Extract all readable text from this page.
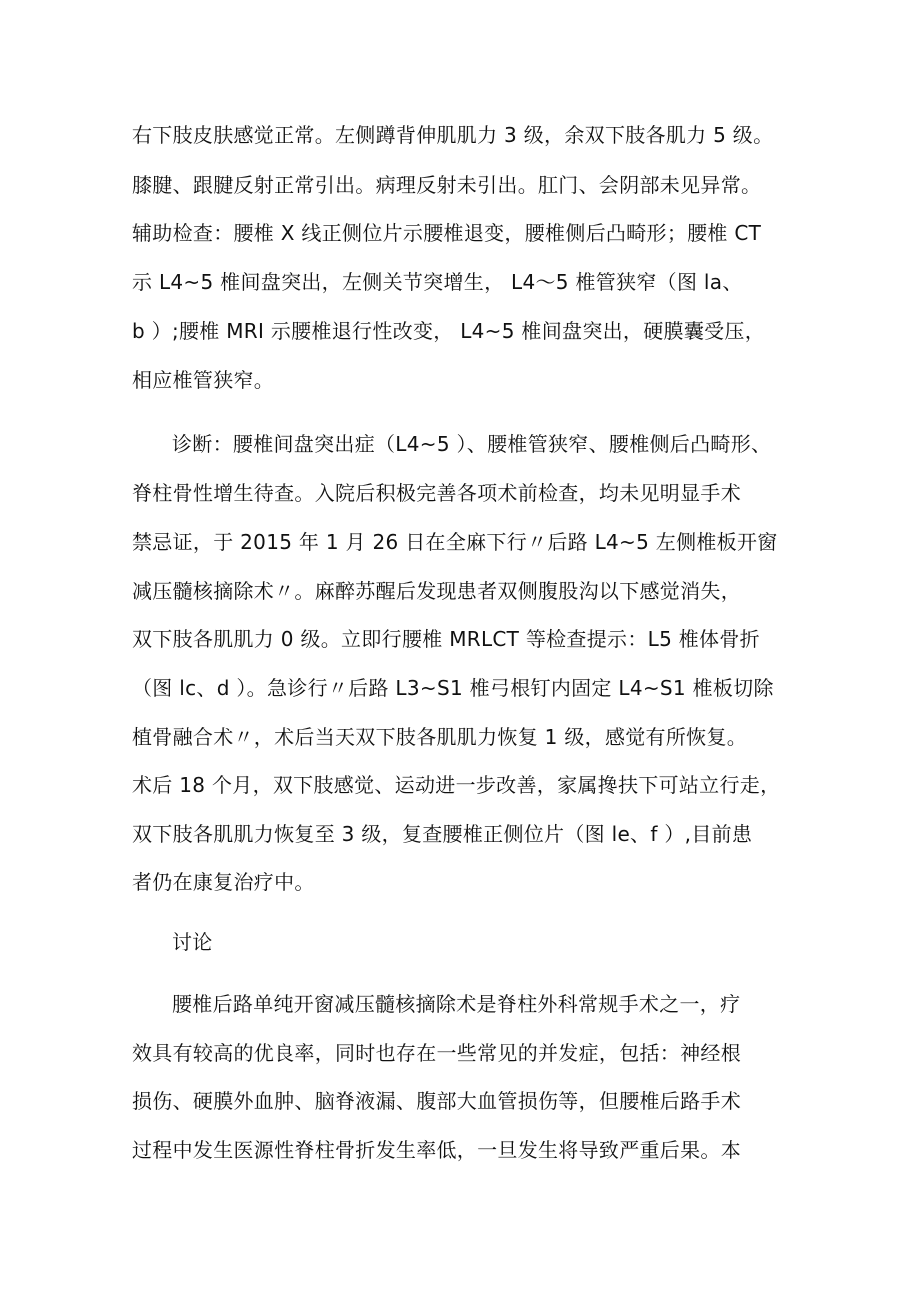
右下肢皮肤感觉正常。左侧蹲背伸肌肌力 3 级，余双下肢各肌力 5 级。
膝腱、跟腱反射正常引出。病理反射未引出。肛门、会阴部未见异常。
辅助检查：腰椎 X 线正侧位片示腰椎退变，腰椎侧后凸畸形；腰椎 CT
示 L4~5 椎间盘突出，左侧关节突增生， L4～5 椎管狭窄（图 la、
b ）;腰椎 MRI 示腰椎退行性改变， L4~5 椎间盘突出，硬膜囊受压，
相应椎管狭窄。
诊断：腰椎间盘突出症（L4~5 ）、腰椎管狭窄、腰椎侧后凸畸形、
脊柱骨性增生待查。入院后积极完善各项术前检查，均未见明显手术
禁忌证，于 2015 年 1 月 26 日在全麻下行〃后路 L4~5 左侧椎板开窗
减压髓核摘除术〃。麻醉苏醒后发现患者双侧腹股沟以下感觉消失，
双下肢各肌肌力 0 级。立即行腰椎 MRLCT 等检查提示：L5 椎体骨折
（图 lc、d ）。急诊行〃后路 L3~S1 椎弓根钉内固定 L4~S1 椎板切除
植骨融合术〃，术后当天双下肢各肌肌力恢复 1 级，感觉有所恢复。
术后 18 个月，双下肢感觉、运动进一步改善，家属搀扶下可站立行走，
双下肢各肌肌力恢复至 3 级，复查腰椎正侧位片（图 le、f ）,目前患
者仍在康复治疗中。
讨论
腰椎后路单纯开窗减压髓核摘除术是脊柱外科常规手术之一，疗
效具有较高的优良率，同时也存在一些常见的并发症，包括：神经根
损伤、硬膜外血肿、脑脊液漏、腹部大血管损伤等，但腰椎后路手术
过程中发生医源性脊柱骨折发生率低，一旦发生将导致严重后果。本
